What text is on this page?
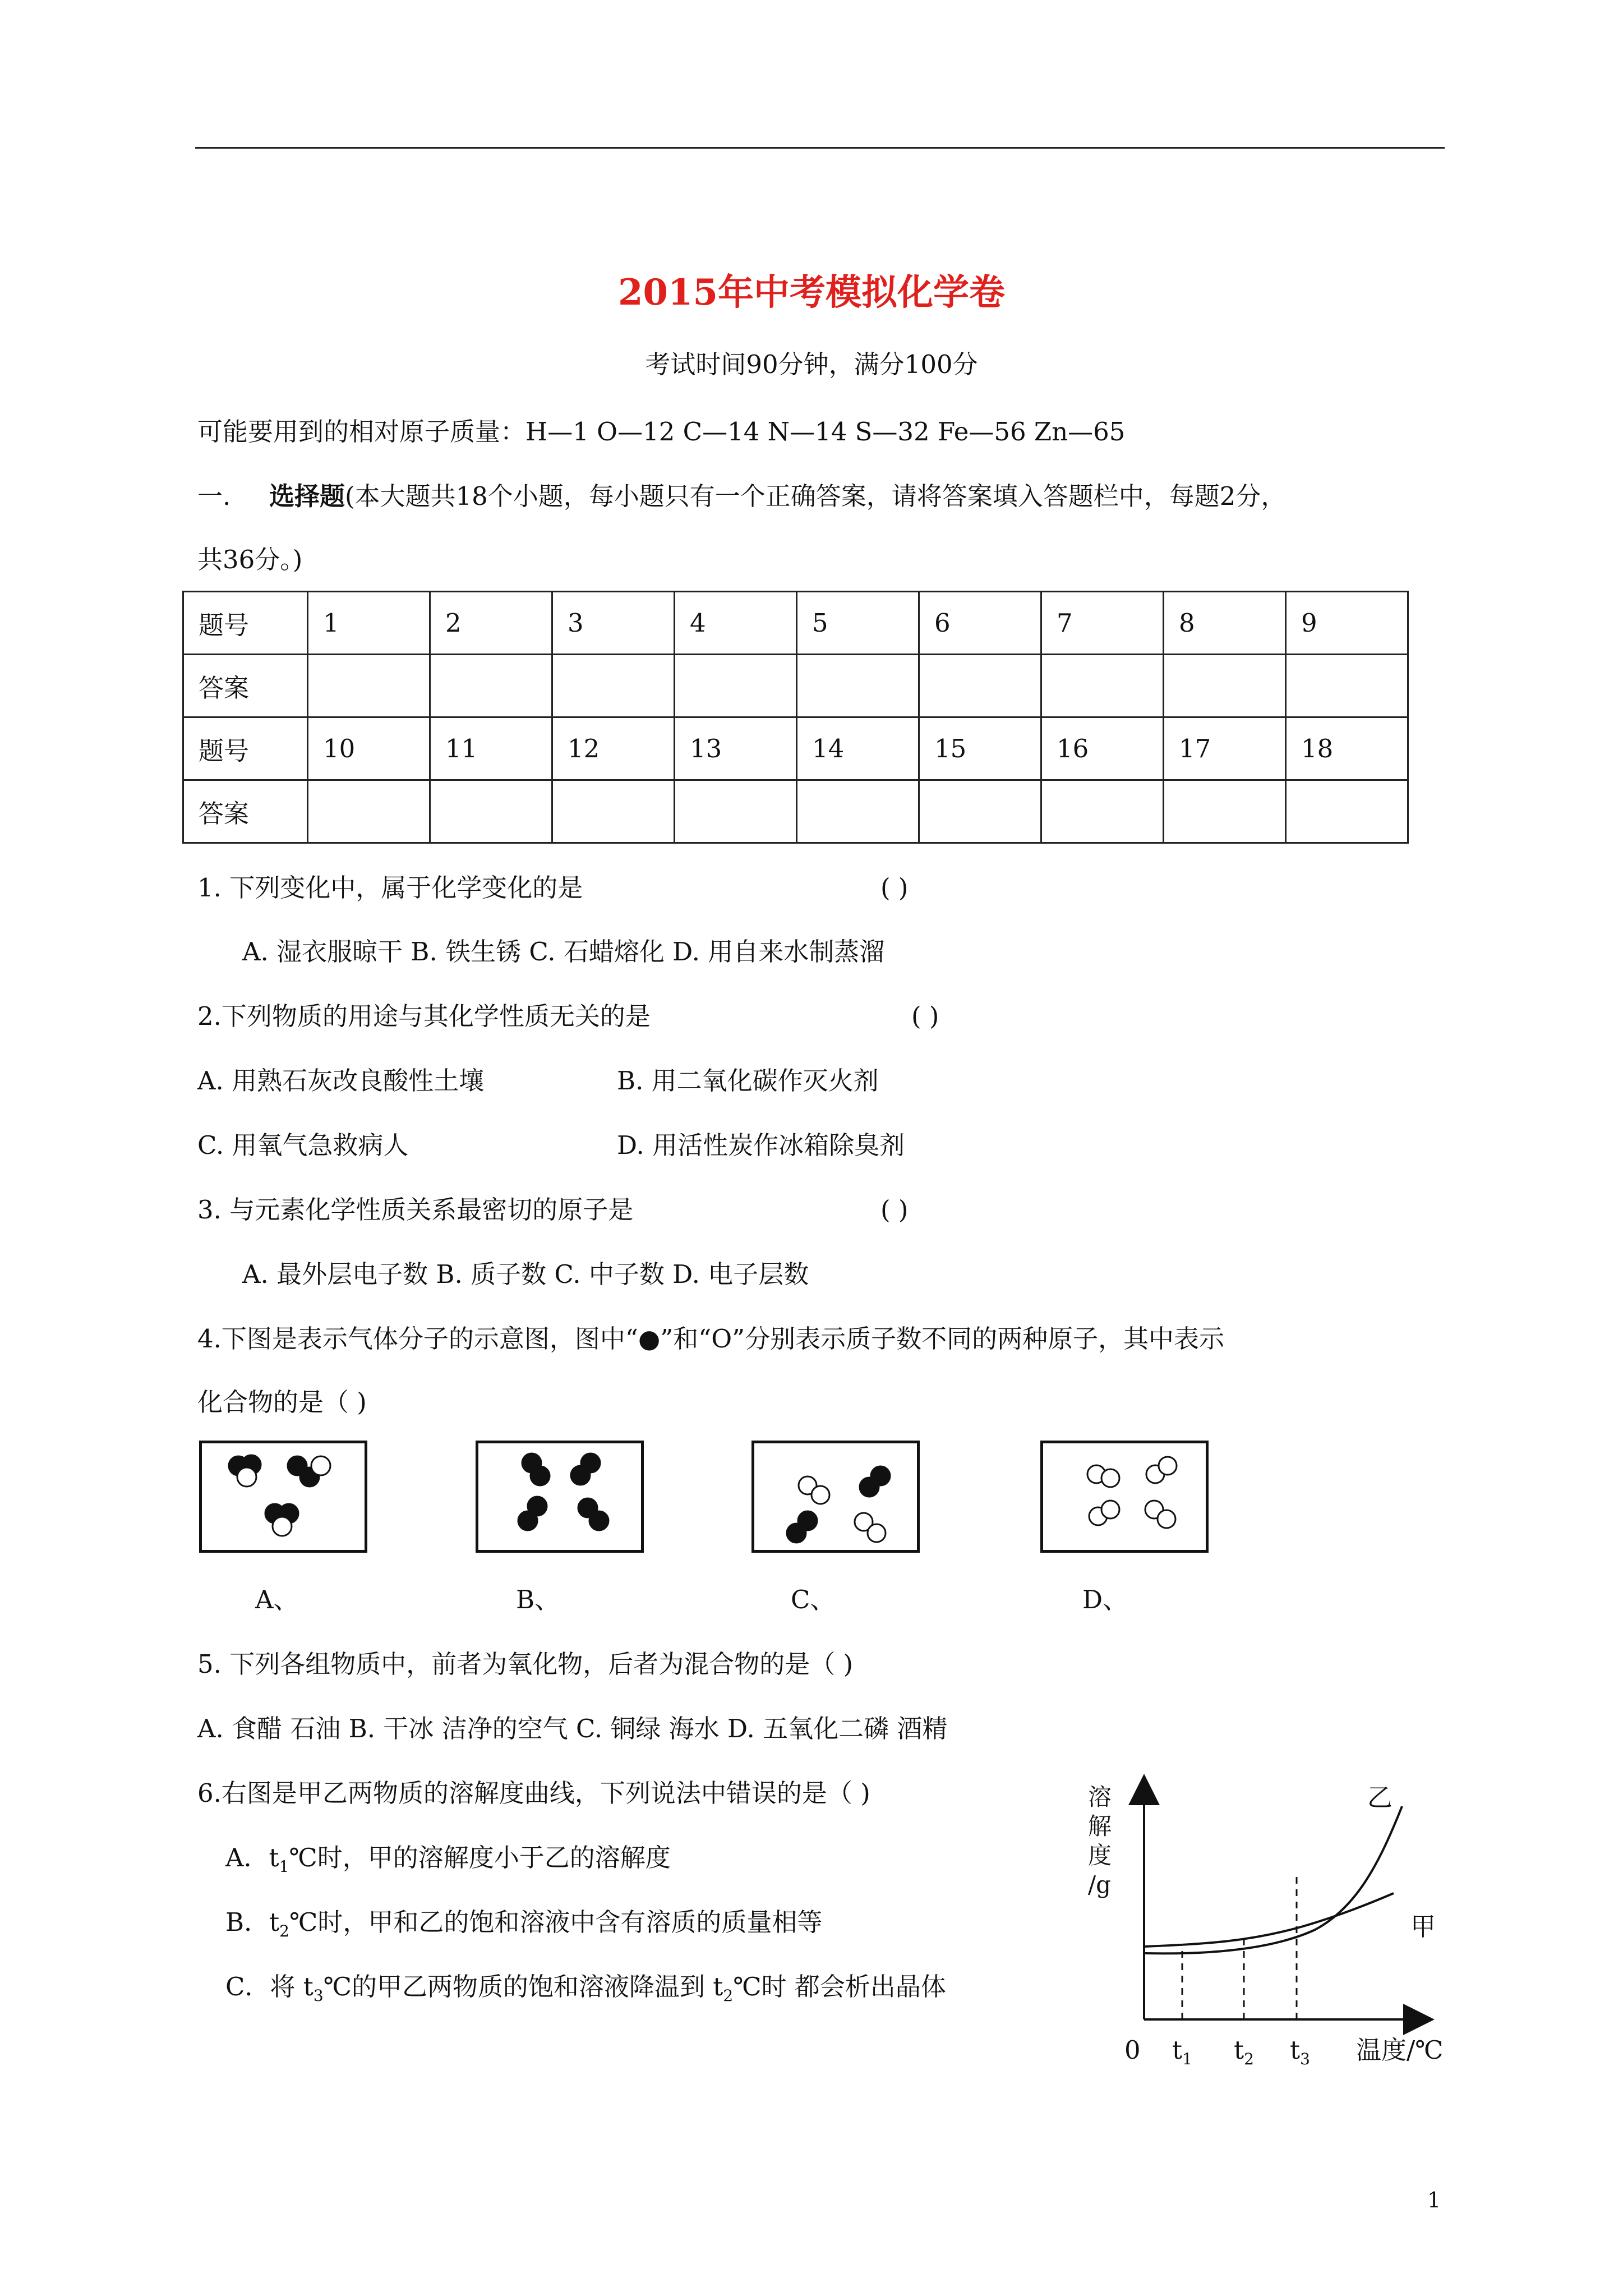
2015年中考模拟化学卷
考试时间90分钟，满分100分
可能要用到的相对原子质量：H—1 O—12 C—14 N—14 S—32 Fe—56 Zn—65
一. 选择题(本大题共18个小题，每小题只有一个正确答案，请将答案填入答题栏中，每题2分，
共36分。)
题号	1	2	3	4	5	6	7	8	9
答案									
题号	10	11	12	13	14	15	16	17	18
答案									
1. 下列变化中，属于化学变化的是	( )
A. 湿衣服晾干 B. 铁生锈 C. 石蜡熔化 D. 用自来水制蒸溜
2.下列物质的用途与其化学性质无关的是	( )
A. 用熟石灰改良酸性土壤	B. 用二氧化碳作灭火剂
C. 用氧气急救病人	D. 用活性炭作冰箱除臭剂
3. 与元素化学性质关系最密切的原子是	( )
A. 最外层电子数 B. 质子数 C. 中子数 D. 电子层数
4.下图是表示气体分子的示意图，图中“●”和“O”分别表示质子数不同的两种原子，其中表示
化合物的是（ )
A、	B、	C、	D、
5. 下列各组物质中，前者为氧化物，后者为混合物的是（ )
A. 食醋 石油 B. 干冰 洁净的空气 C. 铜绿 海水 D. 五氧化二磷 酒精
6.右图是甲乙两物质的溶解度曲线，下列说法中错误的是（ )
A．$t_1℃$时，甲的溶解度小于乙的溶解度
B．$t_2℃$时，甲和乙的饱和溶液中含有溶质的质量相等
C．将 $t_3℃$的甲乙两物质的饱和溶液降温到 $t_2℃$时 都会析出晶体
溶
解
度
/g
乙
甲
0 $t_1$ $t_2$ $t_3$ 温度/℃
1
